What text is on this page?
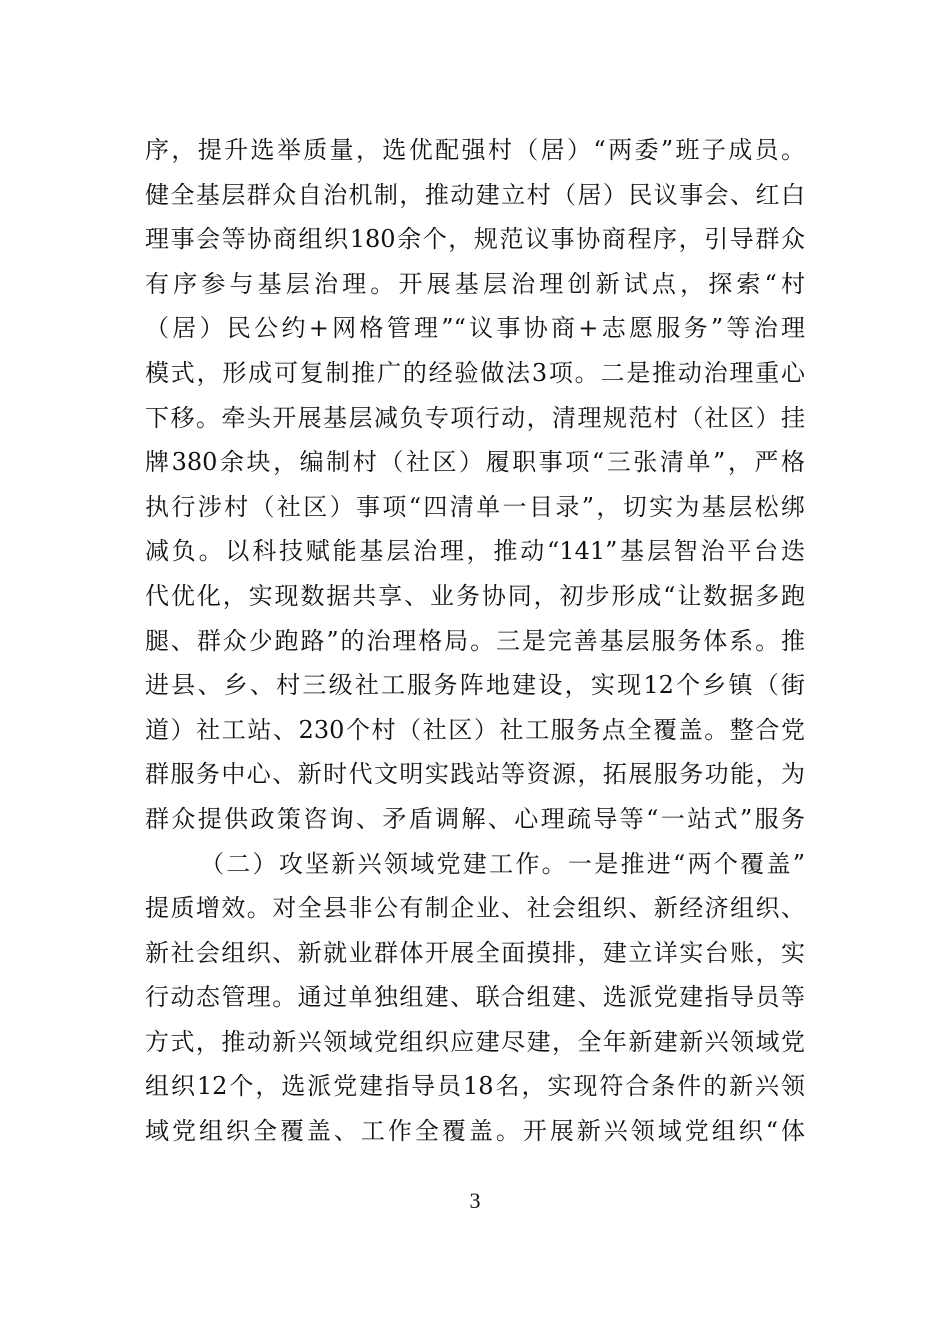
序，提升选举质量，选优配强村（居）“两委”班子成员。
健全基层群众自治机制，推动建立村（居）民议事会、红白
理事会等协商组织180余个，规范议事协商程序，引导群众
有序参与基层治理。开展基层治理创新试点，探索“村
（居）民公约+网格管理”“议事协商+志愿服务”等治理
模式，形成可复制推广的经验做法3项。二是推动治理重心
下移。牵头开展基层减负专项行动，清理规范村（社区）挂
牌380余块，编制村（社区）履职事项“三张清单”，严格
执行涉村（社区）事项“四清单一目录”，切实为基层松绑
减负。以科技赋能基层治理，推动“141”基层智治平台迭
代优化，实现数据共享、业务协同，初步形成“让数据多跑
腿、群众少跑路”的治理格局。三是完善基层服务体系。推
进县、乡、村三级社工服务阵地建设，实现12个乡镇（街
道）社工站、230个村（社区）社工服务点全覆盖。整合党
群服务中心、新时代文明实践站等资源，拓展服务功能，为
群众提供政策咨询、矛盾调解、心理疏导等“一站式”服务
（二）攻坚新兴领域党建工作。一是推进“两个覆盖”
提质增效。对全县非公有制企业、社会组织、新经济组织、
新社会组织、新就业群体开展全面摸排，建立详实台账，实
行动态管理。通过单独组建、联合组建、选派党建指导员等
方式，推动新兴领域党组织应建尽建，全年新建新兴领域党
组织12个，选派党建指导员18名，实现符合条件的新兴领
域党组织全覆盖、工作全覆盖。开展新兴领域党组织“体
3
